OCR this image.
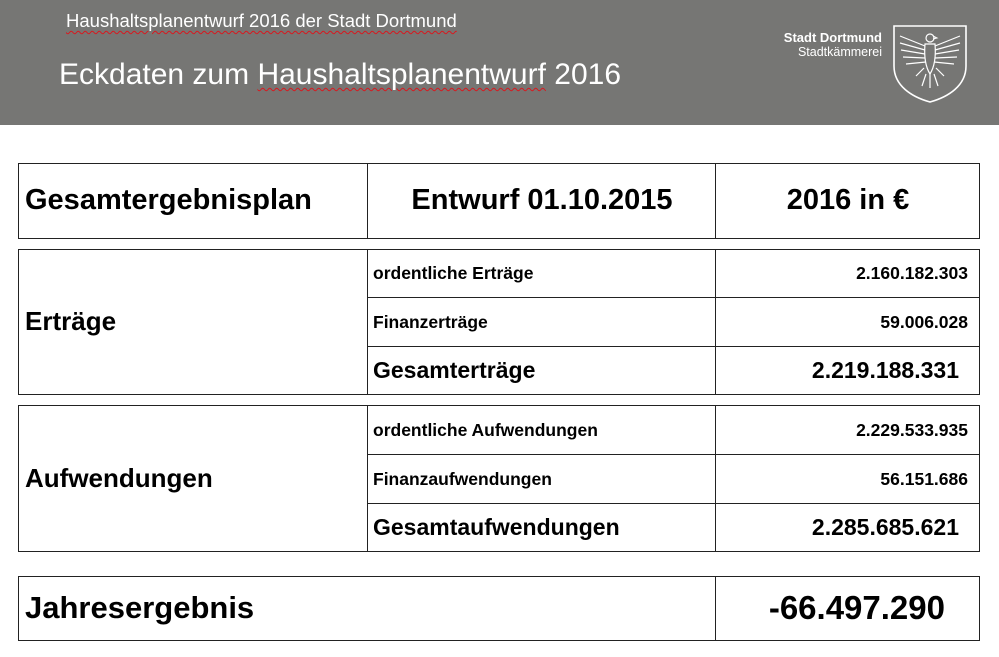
Haushaltsplanentwurf 2016 der Stadt Dortmund
Eckdaten zum Haushaltsplanentwurf 2016
Stadt Dortmund
Stadtkämmerei
Gesamtergebnisplan	Entwurf 01.10.2015	2016 in €
Erträge
ordentliche Erträge	2.160.182.303
Finanzerträge	59.006.028
Gesamterträge	2.219.188.331
Aufwendungen
ordentliche Aufwendungen	2.229.533.935
Finanzaufwendungen	56.151.686
Gesamtaufwendungen	2.285.685.621
Jahresergebnis	-66.497.290
